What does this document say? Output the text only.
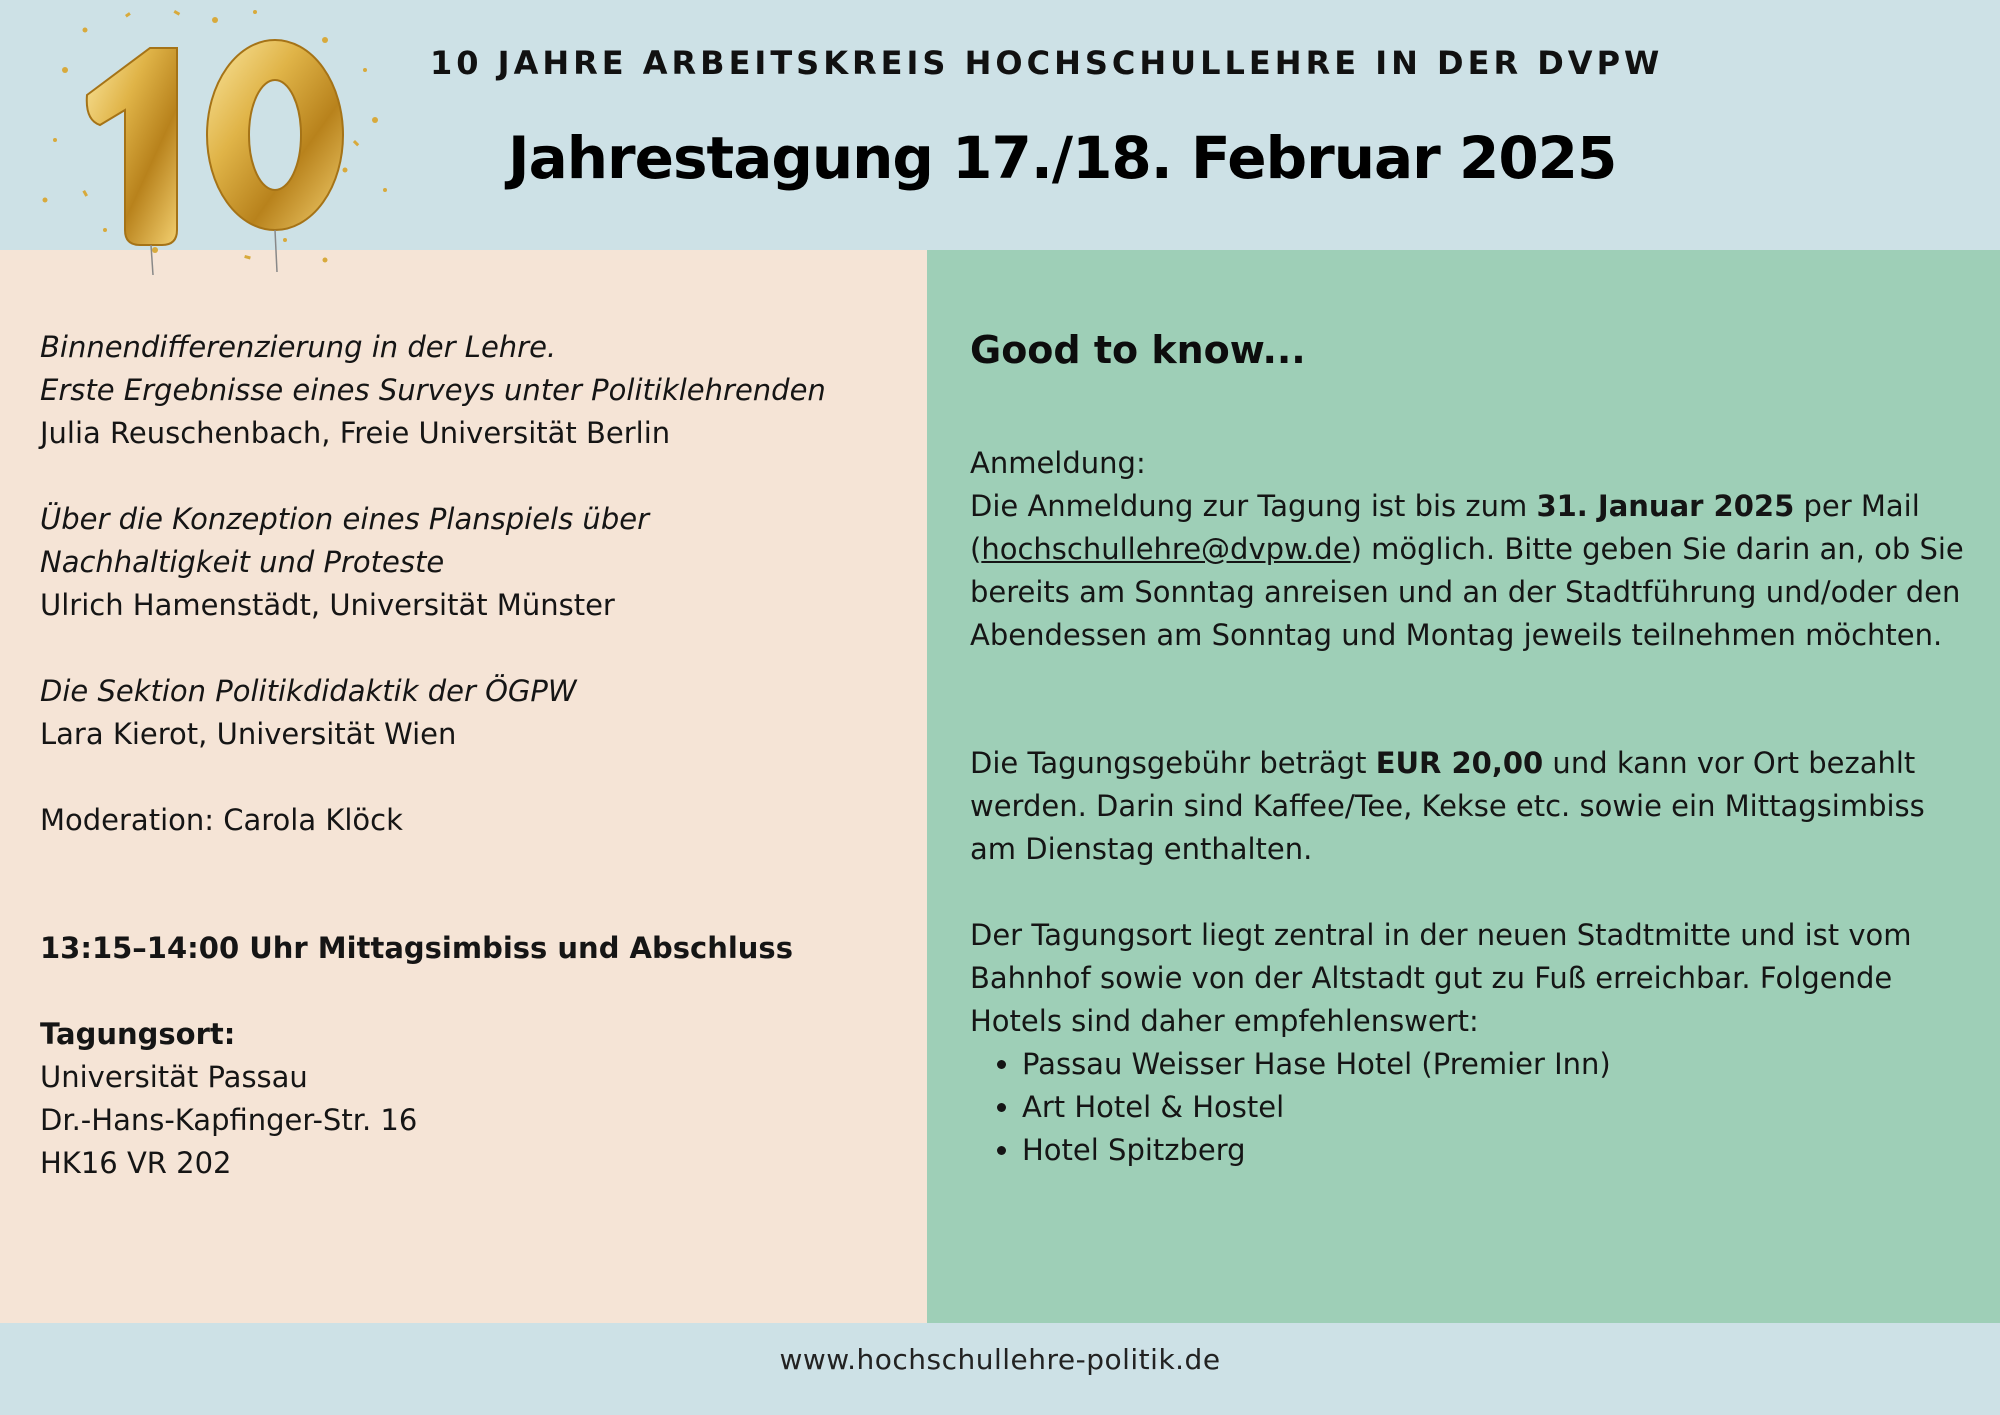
10 JAHRE ARBEITSKREIS HOCHSCHULLEHRE IN DER DVPW
Jahrestagung 17./18. Februar 2025
Binnendifferenzierung in der Lehre.
Erste Ergebnisse eines Surveys unter Politiklehrenden
Julia Reuschenbach, Freie Universität Berlin
Über die Konzeption eines Planspiels über
Nachhaltigkeit und Proteste
Ulrich Hamenstädt, Universität Münster
Die Sektion Politikdidaktik der ÖGPW
Lara Kierot, Universität Wien
Moderation: Carola Klöck
13:15–14:00 Uhr Mittagsimbiss und Abschluss
Tagungsort:
Universität Passau
Dr.-Hans-Kapfinger-Str. 16
HK16 VR 202
Good to know...
Anmeldung:
Die Anmeldung zur Tagung ist bis zum 31. Januar 2025 per Mail (hochschullehre@dvpw.de) möglich. Bitte geben Sie darin an, ob Sie bereits am Sonntag anreisen und an der Stadtführung und/oder den Abendessen am Sonntag und Montag jeweils teilnehmen möchten.
Die Tagungsgebühr beträgt EUR 20,00 und kann vor Ort bezahlt werden. Darin sind Kaffee/Tee, Kekse etc. sowie ein Mittagsimbiss am Dienstag enthalten.
Der Tagungsort liegt zentral in der neuen Stadtmitte und ist vom Bahnhof sowie von der Altstadt gut zu Fuß erreichbar. Folgende Hotels sind daher empfehlenswert:
• Passau Weisser Hase Hotel (Premier Inn)
• Art Hotel & Hostel
• Hotel Spitzberg
www.hochschullehre-politik.de
